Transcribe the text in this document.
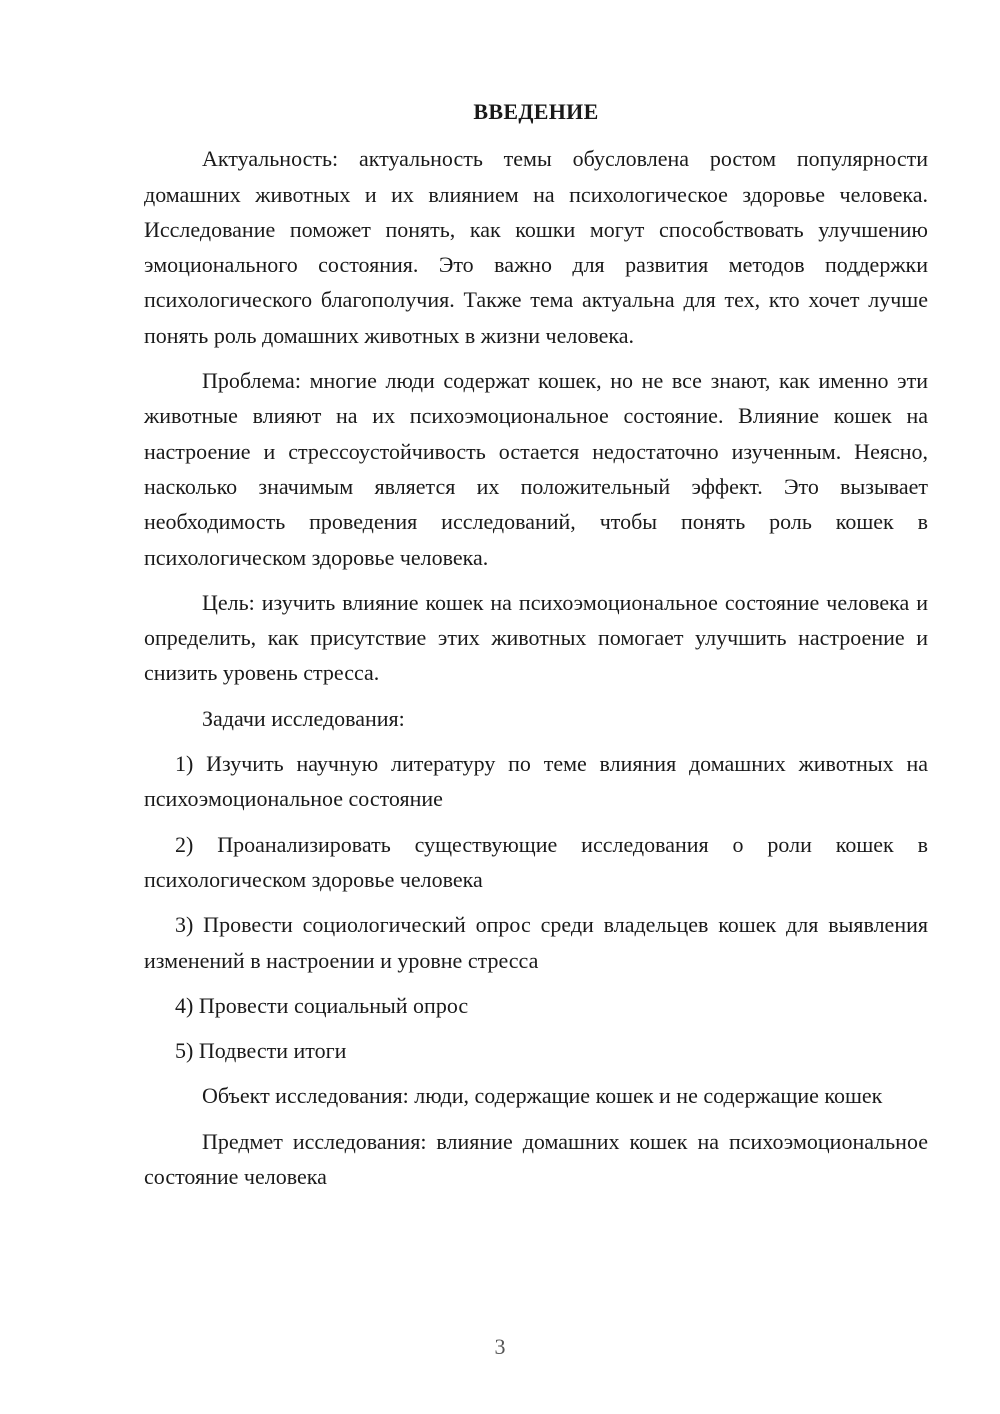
ВВЕДЕНИЕ

Актуальность: актуальность темы обусловлена ростом популярности домашних животных и их влиянием на психологическое здоровье человека. Исследование поможет понять, как кошки могут способствовать улучшению эмоционального состояния. Это важно для развития методов поддержки психологического благополучия. Также тема актуальна для тех, кто хочет лучше понять роль домашних животных в жизни человека.

Проблема: многие люди содержат кошек, но не все знают, как именно эти животные влияют на их психоэмоциональное состояние. Влияние кошек на настроение и стрессоустойчивость остается недостаточно изученным. Неясно, насколько значимым является их положительный эффект. Это вызывает необходимость проведения исследований, чтобы понять роль кошек в психологическом здоровье человека.

Цель: изучить влияние кошек на психоэмоциональное состояние человека и определить, как присутствие этих животных помогает улучшить настроение и снизить уровень стресса.

Задачи исследования:

1) Изучить научную литературу по теме влияния домашних животных на психоэмоциональное состояние

2) Проанализировать существующие исследования о роли кошек в психологическом здоровье человека

3) Провести социологический опрос среди владельцев кошек для выявления изменений в настроении и уровне стресса

4) Провести социальный опрос

5) Подвести итоги

Объект исследования: люди, содержащие кошек и не содержащие кошек

Предмет исследования: влияние домашних кошек на психоэмоциональное состояние человека

3
